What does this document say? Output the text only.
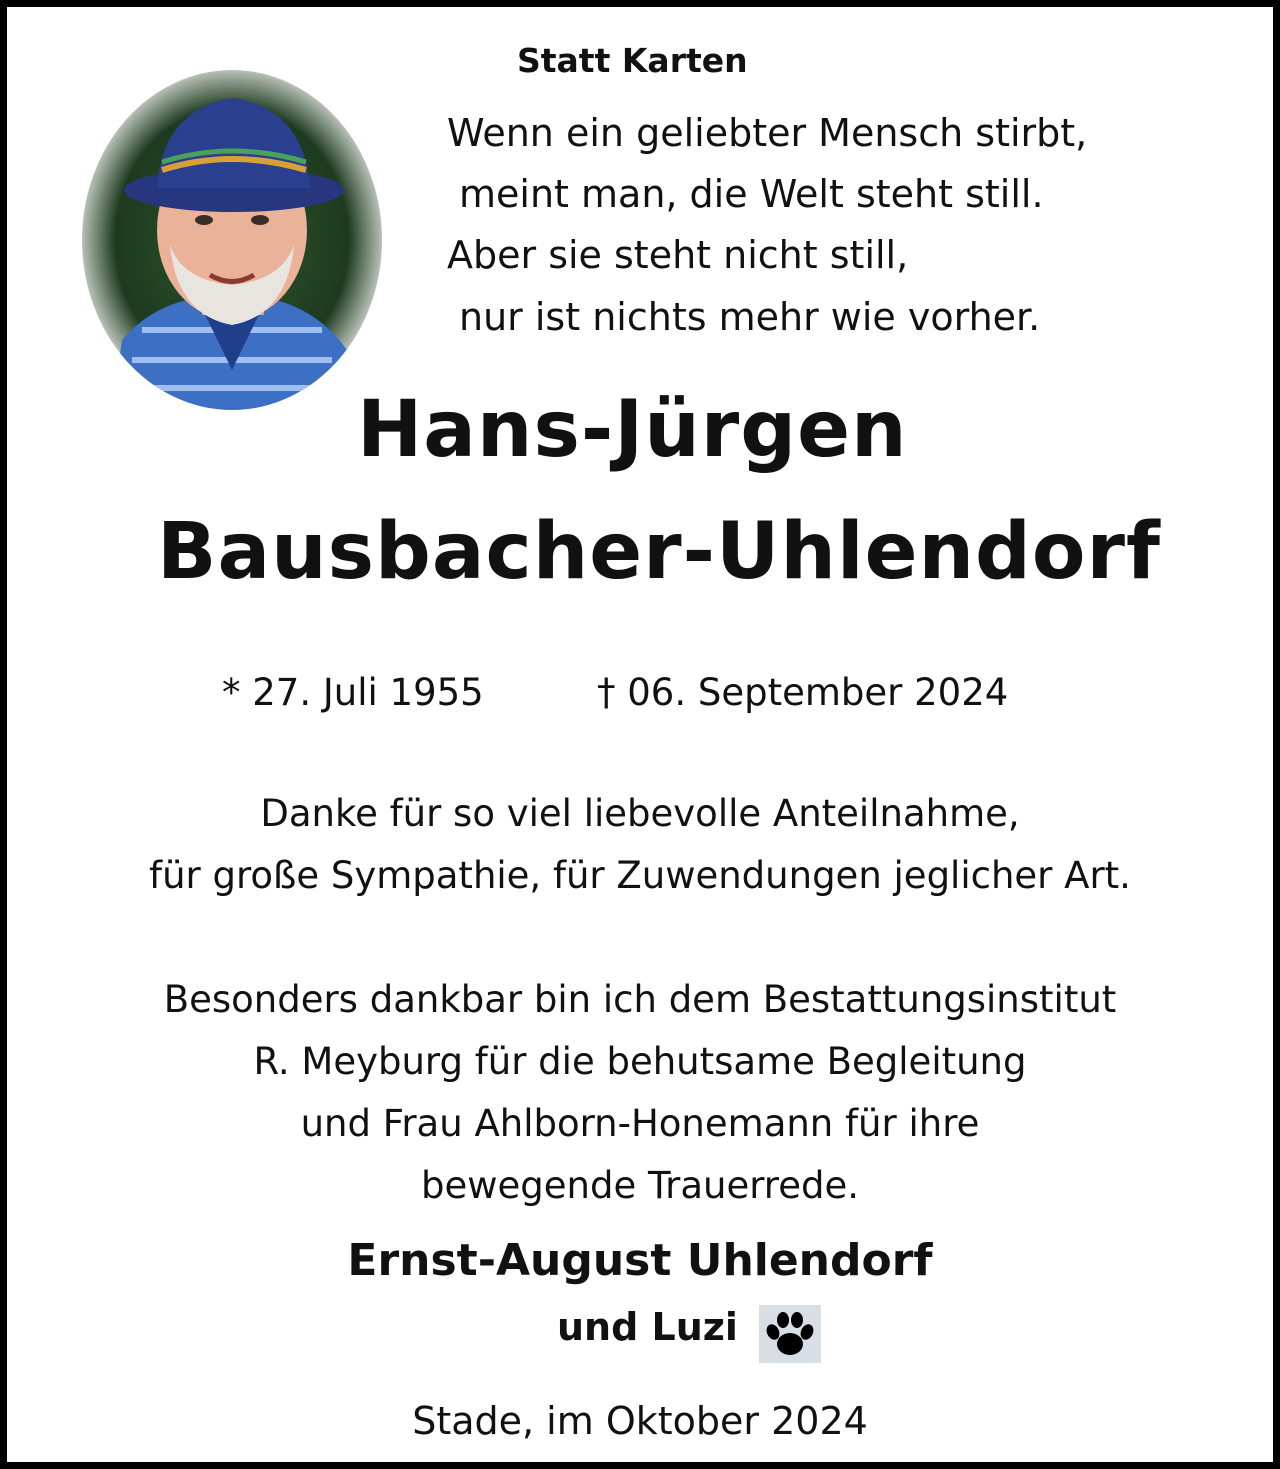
Statt Karten
Wenn ein geliebter Mensch stirbt,
meint man, die Welt steht still.
Aber sie steht nicht still,
nur ist nichts mehr wie vorher.
Hans-Jürgen
Bausbacher-Uhlendorf
* 27. Juli 1955	† 06. September 2024
Danke für so viel liebevolle Anteilnahme,
für große Sympathie, für Zuwendungen jeglicher Art.
Besonders dankbar bin ich dem Bestattungsinstitut
R. Meyburg für die behutsame Begleitung
und Frau Ahlborn-Honemann für ihre
bewegende Trauerrede.
Ernst-August Uhlendorf
und Luzi
Stade, im Oktober 2024
